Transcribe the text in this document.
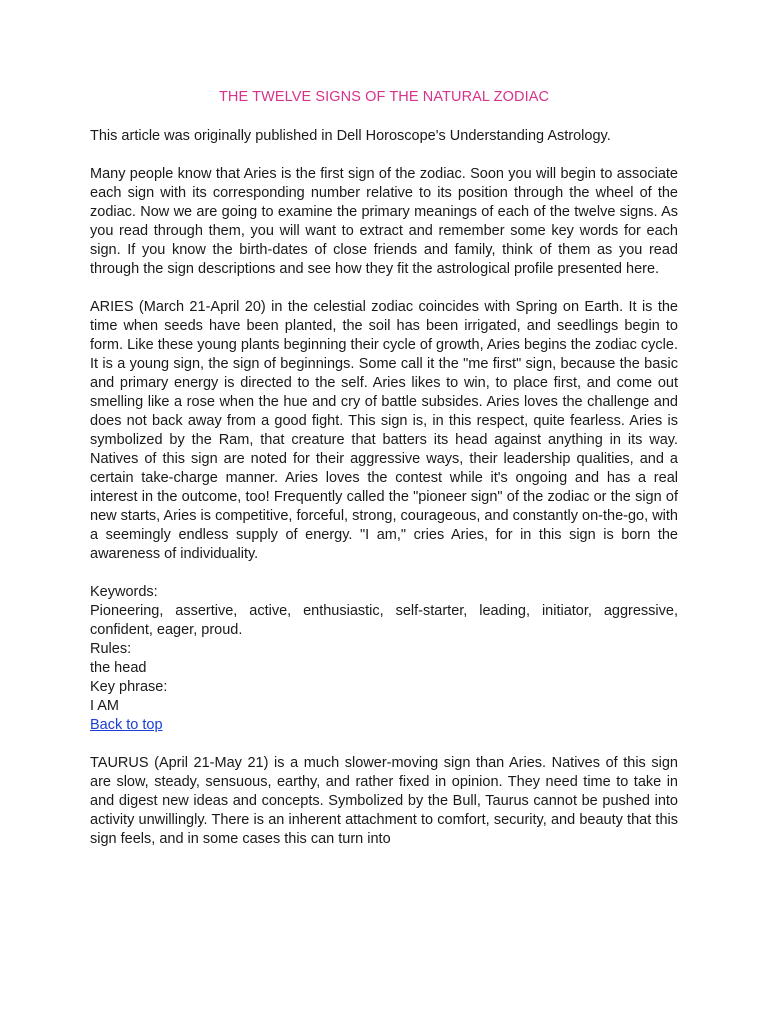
THE TWELVE SIGNS OF THE NATURAL ZODIAC

This article was originally published in Dell Horoscope's Understanding Astrology.

Many people know that Aries is the first sign of the zodiac. Soon you will begin to associate each sign with its corresponding number relative to its position through the wheel of the zodiac. Now we are going to examine the primary meanings of each of the twelve signs. As you read through them, you will want to extract and remember some key words for each sign. If you know the birth-dates of close friends and family, think of them as you read through the sign descriptions and see how they fit the astrological profile presented here.

ARIES (March 21-April 20) in the celestial zodiac coincides with Spring on Earth. It is the time when seeds have been planted, the soil has been irrigated, and seedlings begin to form. Like these young plants beginning their cycle of growth, Aries begins the zodiac cycle. It is a young sign, the sign of beginnings. Some call it the "me first" sign, because the basic and primary energy is directed to the self. Aries likes to win, to place first, and come out smelling like a rose when the hue and cry of battle subsides. Aries loves the challenge and does not back away from a good fight. This sign is, in this respect, quite fearless. Aries is symbolized by the Ram, that creature that batters its head against anything in its way. Natives of this sign are noted for their aggressive ways, their leadership qualities, and a certain take-charge manner. Aries loves the contest while it's ongoing and has a real interest in the outcome, too! Frequently called the "pioneer sign" of the zodiac or the sign of new starts, Aries is competitive, forceful, strong, courageous, and constantly on-the-go, with a seemingly endless supply of energy. "I am," cries Aries, for in this sign is born the awareness of individuality.

Keywords:

Pioneering, assertive, active, enthusiastic, self-starter, leading, initiator, aggressive, confident, eager, proud.

Rules:
the head
Key phrase:
I AM
Back to top

TAURUS (April 21-May 21) is a much slower-moving sign than Aries. Natives of this sign are slow, steady, sensuous, earthy, and rather fixed in opinion. They need time to take in and digest new ideas and concepts. Symbolized by the Bull, Taurus cannot be pushed into activity unwillingly. There is an inherent attachment to comfort, security, and beauty that this sign feels, and in some cases this can turn into
